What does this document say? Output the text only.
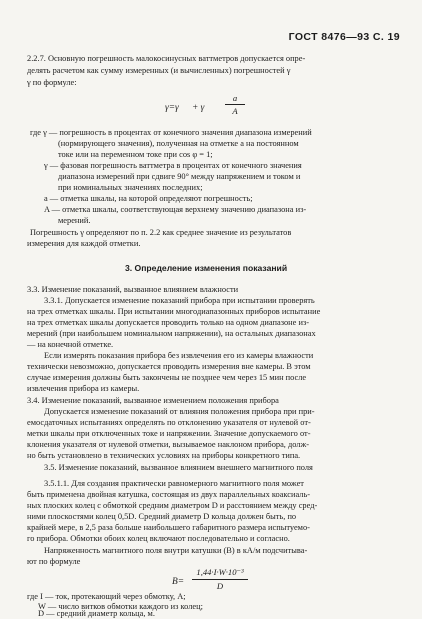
ГОСТ 8476—93 С. 19
2.2.7. Основную погрешность малокосинусных ваттметров допускается опре-
делять расчетом как сумму измеренных (и вычисленных) погрешностей γ
γ по формуле:
γ=γ + γ
a
A
где γ — погрешность в процентах от конечного значения диапазона измерений
(нормирующего значения), полученная на отметке a на постоянном
токе или на переменном токе при cos φ = 1;
γ — фазовая погрешность ваттметра в процентах от конечного значения
диапазона измерений при сдвиге 90° между напряжением и током и
при номинальных значениях последних;
a — отметка шкалы, на которой определяют погрешность;
A — отметка шкалы, соответствующая верхнему значению диапазона из-
мерений.
Погрешность γ определяют по п. 2.2 как среднее значение из результатов
измерения для каждой отметки.
3. Определение изменения показаний
3.3. Изменение показаний, вызванное влиянием влажности
3.3.1. Допускается изменение показаний прибора при испытании проверять
на трех отметках шкалы. При испытании многодиапазонных приборов испытание
на трех отметках шкалы допускается проводить только на одном диапазоне из-
мерений (при наибольшем номинальном напряжении), на остальных диапазонах
— на конечной отметке.
Если измерять показания прибора без извлечения его из камеры влажности
технически невозможно, допускается проводить измерения вне камеры. В этом
случае измерения должны быть закончены не позднее чем через 15 мин после
извлечения прибора из камеры.
3.4. Изменение показаний, вызванное изменением положения прибора
Допускается изменение показаний от влияния положения прибора при при-
емосдаточных испытаниях определять по отклонению указателя от нулевой от-
метки шкалы при отключенных токе и напряжении. Значение допускаемого от-
клонения указателя от нулевой отметки, вызываемое наклоном прибора, долж-
но быть установлено в технических условиях на приборы конкретного типа.
3.5. Изменение показаний, вызванное влиянием внешнего магнитного поля
3.5.1.1. Для создания практически равномерного магнитного поля может
быть применена двойная катушка, состоящая из двух параллельных коаксиаль-
ных плоских колец с обмоткой средним диаметром D и расстоянием между сред-
ними плоскостями колец 0,5D. Средний диаметр D кольца должен быть, по
крайней мере, в 2,5 раза больше наибольшего габаритного размера испытуемо-
го прибора. Обмотки обоих колец включают последовательно и согласно.
Напряженность магнитного поля внутри катушки (B) в кА/м подсчитыва-
ют по формуле
B=
1,44·I·W·10⁻³
D
где I — ток, протекающий через обмотку, А;
W — число витков обмотки каждого из колец;
D — средний диаметр кольца, м.
